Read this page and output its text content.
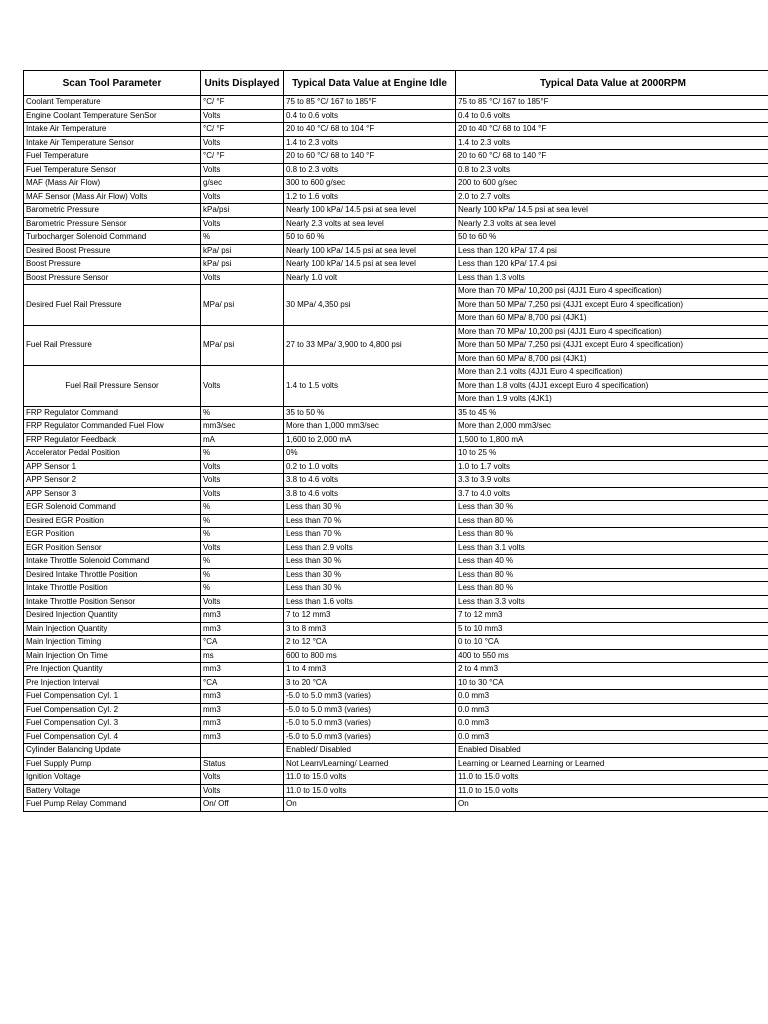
Scan Tool Parameter	Units Displayed	Typical Data Value at Engine Idle	Typical Data Value at 2000RPM
Coolant Temperature	°C/ °F	75 to 85 °C/ 167 to 185°F	75 to 85 °C/ 167 to 185°F
Engine Coolant Temperature SenSor	Volts	0.4 to 0.6 volts	0.4 to 0.6 volts
Intake Air Temperature	°C/ °F	20 to 40 °C/ 68 to 104 °F	20 to 40 °C/ 68 to 104 °F
Intake Air Temperature Sensor	Volts	1.4 to 2.3 volts	1.4 to 2.3 volts
Fuel Temperature	°C/ °F	20 to 60 °C/ 68 to 140 °F	20 to 60 °C/ 68 to 140 °F
Fuel Temperature Sensor	Volts	0.8 to 2.3 volts	0.8 to 2.3 volts
MAF (Mass Air Flow)	g/sec	300 to 600 g/sec	200 to 600 g/sec
MAF Sensor (Mass Air Flow) Volts	Volts	1.2 to 1.6 volts	2.0 to 2.7 volts
Barometric Pressure	kPa/psi	Nearly 100 kPa/ 14.5 psi at sea level	Nearly 100 kPa/ 14.5 psi at sea level
Barometric Pressure Sensor	Volts	Nearly 2.3 volts at sea level	Nearly 2.3 volts at sea level
Turbocharger Solenoid Command	%	50 to 60 %	50 to 60 %
Desired Boost Pressure	kPa/ psi	Nearly 100 kPa/ 14.5 psi at sea level	Less than 120 kPa/ 17.4 psi
Boost Pressure	kPa/ psi	Nearly 100 kPa/ 14.5 psi at sea level	Less than 120 kPa/ 17.4 psi
Boost Pressure Sensor	Volts	Nearly 1.0 volt	Less than 1.3 volts
Desired Fuel Rail Pressure	MPa/ psi	30 MPa/ 4,350 psi	More than 70 MPa/ 10,200 psi (4JJ1 Euro 4 specification)
			More than 50 MPa/ 7,250 psi (4JJ1 except Euro 4 specification)
			More than 60 MPa/ 8,700 psi (4JK1)
Fuel Rail Pressure	MPa/ psi	27 to 33 MPa/ 3,900 to 4,800 psi	More than 70 MPa/ 10,200 psi (4JJ1 Euro 4 specification)
			More than 50 MPa/ 7,250 psi (4JJ1 except Euro 4 specification)
			More than 60 MPa/ 8,700 psi (4JK1)
Fuel Rail Pressure Sensor	Volts	1.4 to 1.5 volts	More than 2.1 volts (4JJ1 Euro 4 specification)
			More than 1.8 volts (4JJ1 except Euro 4 specification)
			More than 1.9 volts (4JK1)
FRP Regulator Command	%	35 to 50 %	35 to 45 %
FRP Regulator Commanded Fuel Flow	mm3/sec	More than 1,000 mm3/sec	More than 2,000 mm3/sec
FRP Regulator Feedback	mA	1,600 to 2,000 mA	1,500 to 1,800 mA
Accelerator Pedal Position	%	0%	10 to 25 %
APP Sensor 1	Volts	0.2 to 1.0 volts	1.0 to 1.7 volts
APP Sensor 2	Volts	3.8 to 4.6 volts	3.3 to 3.9 volts
APP Sensor 3	Volts	3.8 to 4.6 volts	3.7 to 4.0 volts
EGR Solenoid Command	%	Less than 30 %	Less than 30 %
Desired EGR Position	%	Less than 70 %	Less than 80 %
EGR Position	%	Less than 70 %	Less than 80 %
EGR Position Sensor	Volts	Less than 2.9 volts	Less than 3.1 volts
Intake Throttle Solenoid Command	%	Less than 30 %	Less than 40 %
Desired Intake Throttle Position	%	Less than 30 %	Less than 80 %
Intake Throttle Position	%	Less than 30 %	Less than 80 %
Intake Throttle Position Sensor	Volts	Less than 1.6 volts	Less than 3.3 volts
Desired Injection Quantity	mm3	7 to 12 mm3	7 to 12 mm3
Main Injection Quantity	mm3	3 to 8 mm3	5 to 10 mm3
Main Injection Timing	°CA	2 to 12 °CA	0 to 10 °CA
Main Injection On Time	ms	600 to 800 ms	400 to 550 ms
Pre Injection Quantity	mm3	1 to 4 mm3	2 to 4 mm3
Pre Injection Interval	°CA	3 to 20 °CA	10 to 30 °CA
Fuel Compensation Cyl. 1	mm3	-5.0 to 5.0 mm3 (varies)	0.0 mm3
Fuel Compensation Cyl. 2	mm3	-5.0 to 5.0 mm3 (varies)	0.0 mm3
Fuel Compensation Cyl. 3	mm3	-5.0 to 5.0 mm3 (varies)	0.0 mm3
Fuel Compensation Cyl. 4	mm3	-5.0 to 5.0 mm3 (varies)	0.0 mm3
Cylinder Balancing Update		Enabled/ Disabled	Enabled Disabled
Fuel Supply Pump	Status	Not Learn/Learning/ Learned	Learning or Learned Learning or Learned
Ignition Voltage	Volts	11.0 to 15.0 volts	11.0 to 15.0 volts
Battery Voltage	Volts	11.0 to 15.0 volts	11.0 to 15.0 volts
Fuel Pump Relay Command	On/ Off	On	On
